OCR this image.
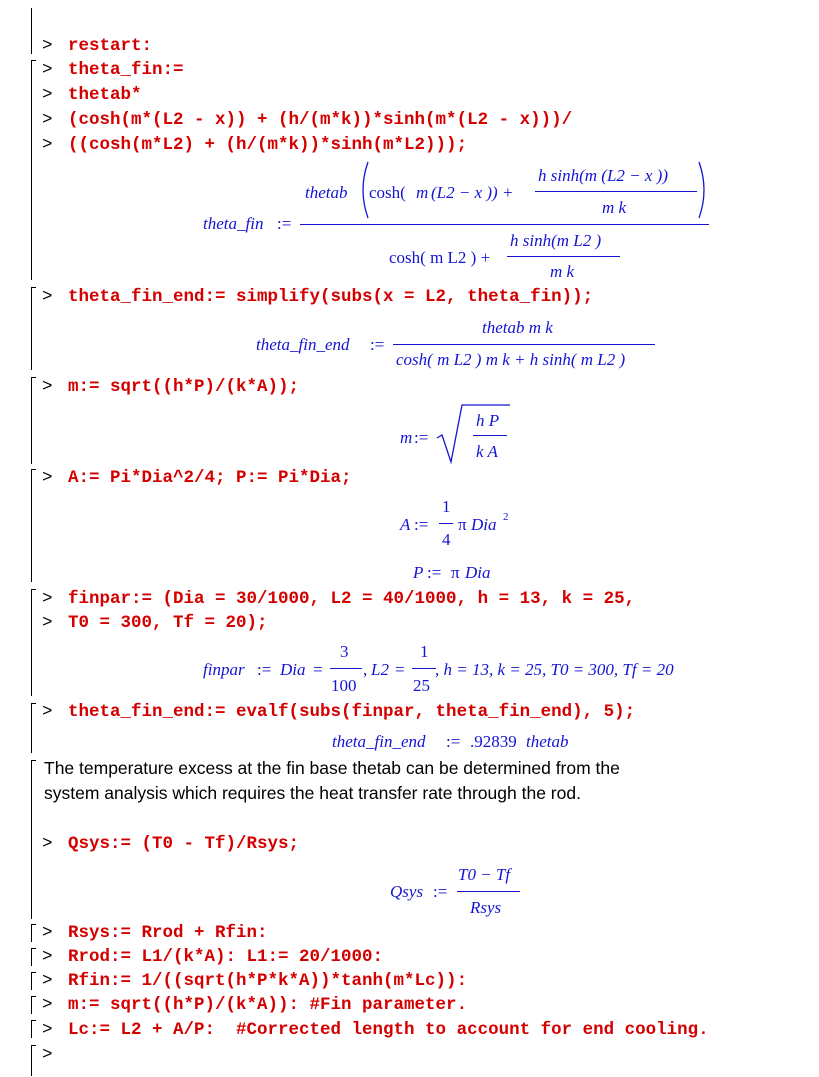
> restart:
> theta_fin:=
> thetab*
> (cosh(m*(L2 - x)) + (h/(m*k))*sinh(m*(L2 - x)))/
> ((cosh(m*L2) + (h/(m*k))*sinh(m*L2)));
theta_fin :=
thetab cosh( m (L2 − x )) +
h sinh(m (L2 − x ))
m k
cosh( m L2 ) +
h sinh(m L2 )
m k
> theta_fin_end:= simplify(subs(x = L2, theta_fin));
theta_fin_end :=
thetab m k
cosh( m L2 ) m k + h sinh( m L2 )
> m:= sqrt((h*P)/(k*A));
m :=
h P
k A
> A:= Pi*Dia^2/4; P:= Pi*Dia;
A :=
1
4
π Dia 2
P := π Dia
> finpar:= (Dia = 30/1000, L2 = 40/1000, h = 13, k = 25,
> T0 = 300, Tf = 20);
finpar := Dia =
3
100
, L2 =
1
25
, h = 13, k = 25, T0 = 300, Tf = 20
> theta_fin_end:= evalf(subs(finpar, theta_fin_end), 5);
theta_fin_end := .92839 thetab
The temperature excess at the fin base thetab can be determined from the
system analysis which requires the heat transfer rate through the rod.
> Qsys:= (T0 - Tf)/Rsys;
Qsys :=
T0 − Tf
Rsys
> Rsys:= Rrod + Rfin:
> Rrod:= L1/(k*A): L1:= 20/1000:
> Rfin:= 1/((sqrt(h*P*k*A))*tanh(m*Lc)):
> m:= sqrt((h*P)/(k*A)): #Fin parameter.
> Lc:= L2 + A/P:  #Corrected length to account for end cooling.
>
